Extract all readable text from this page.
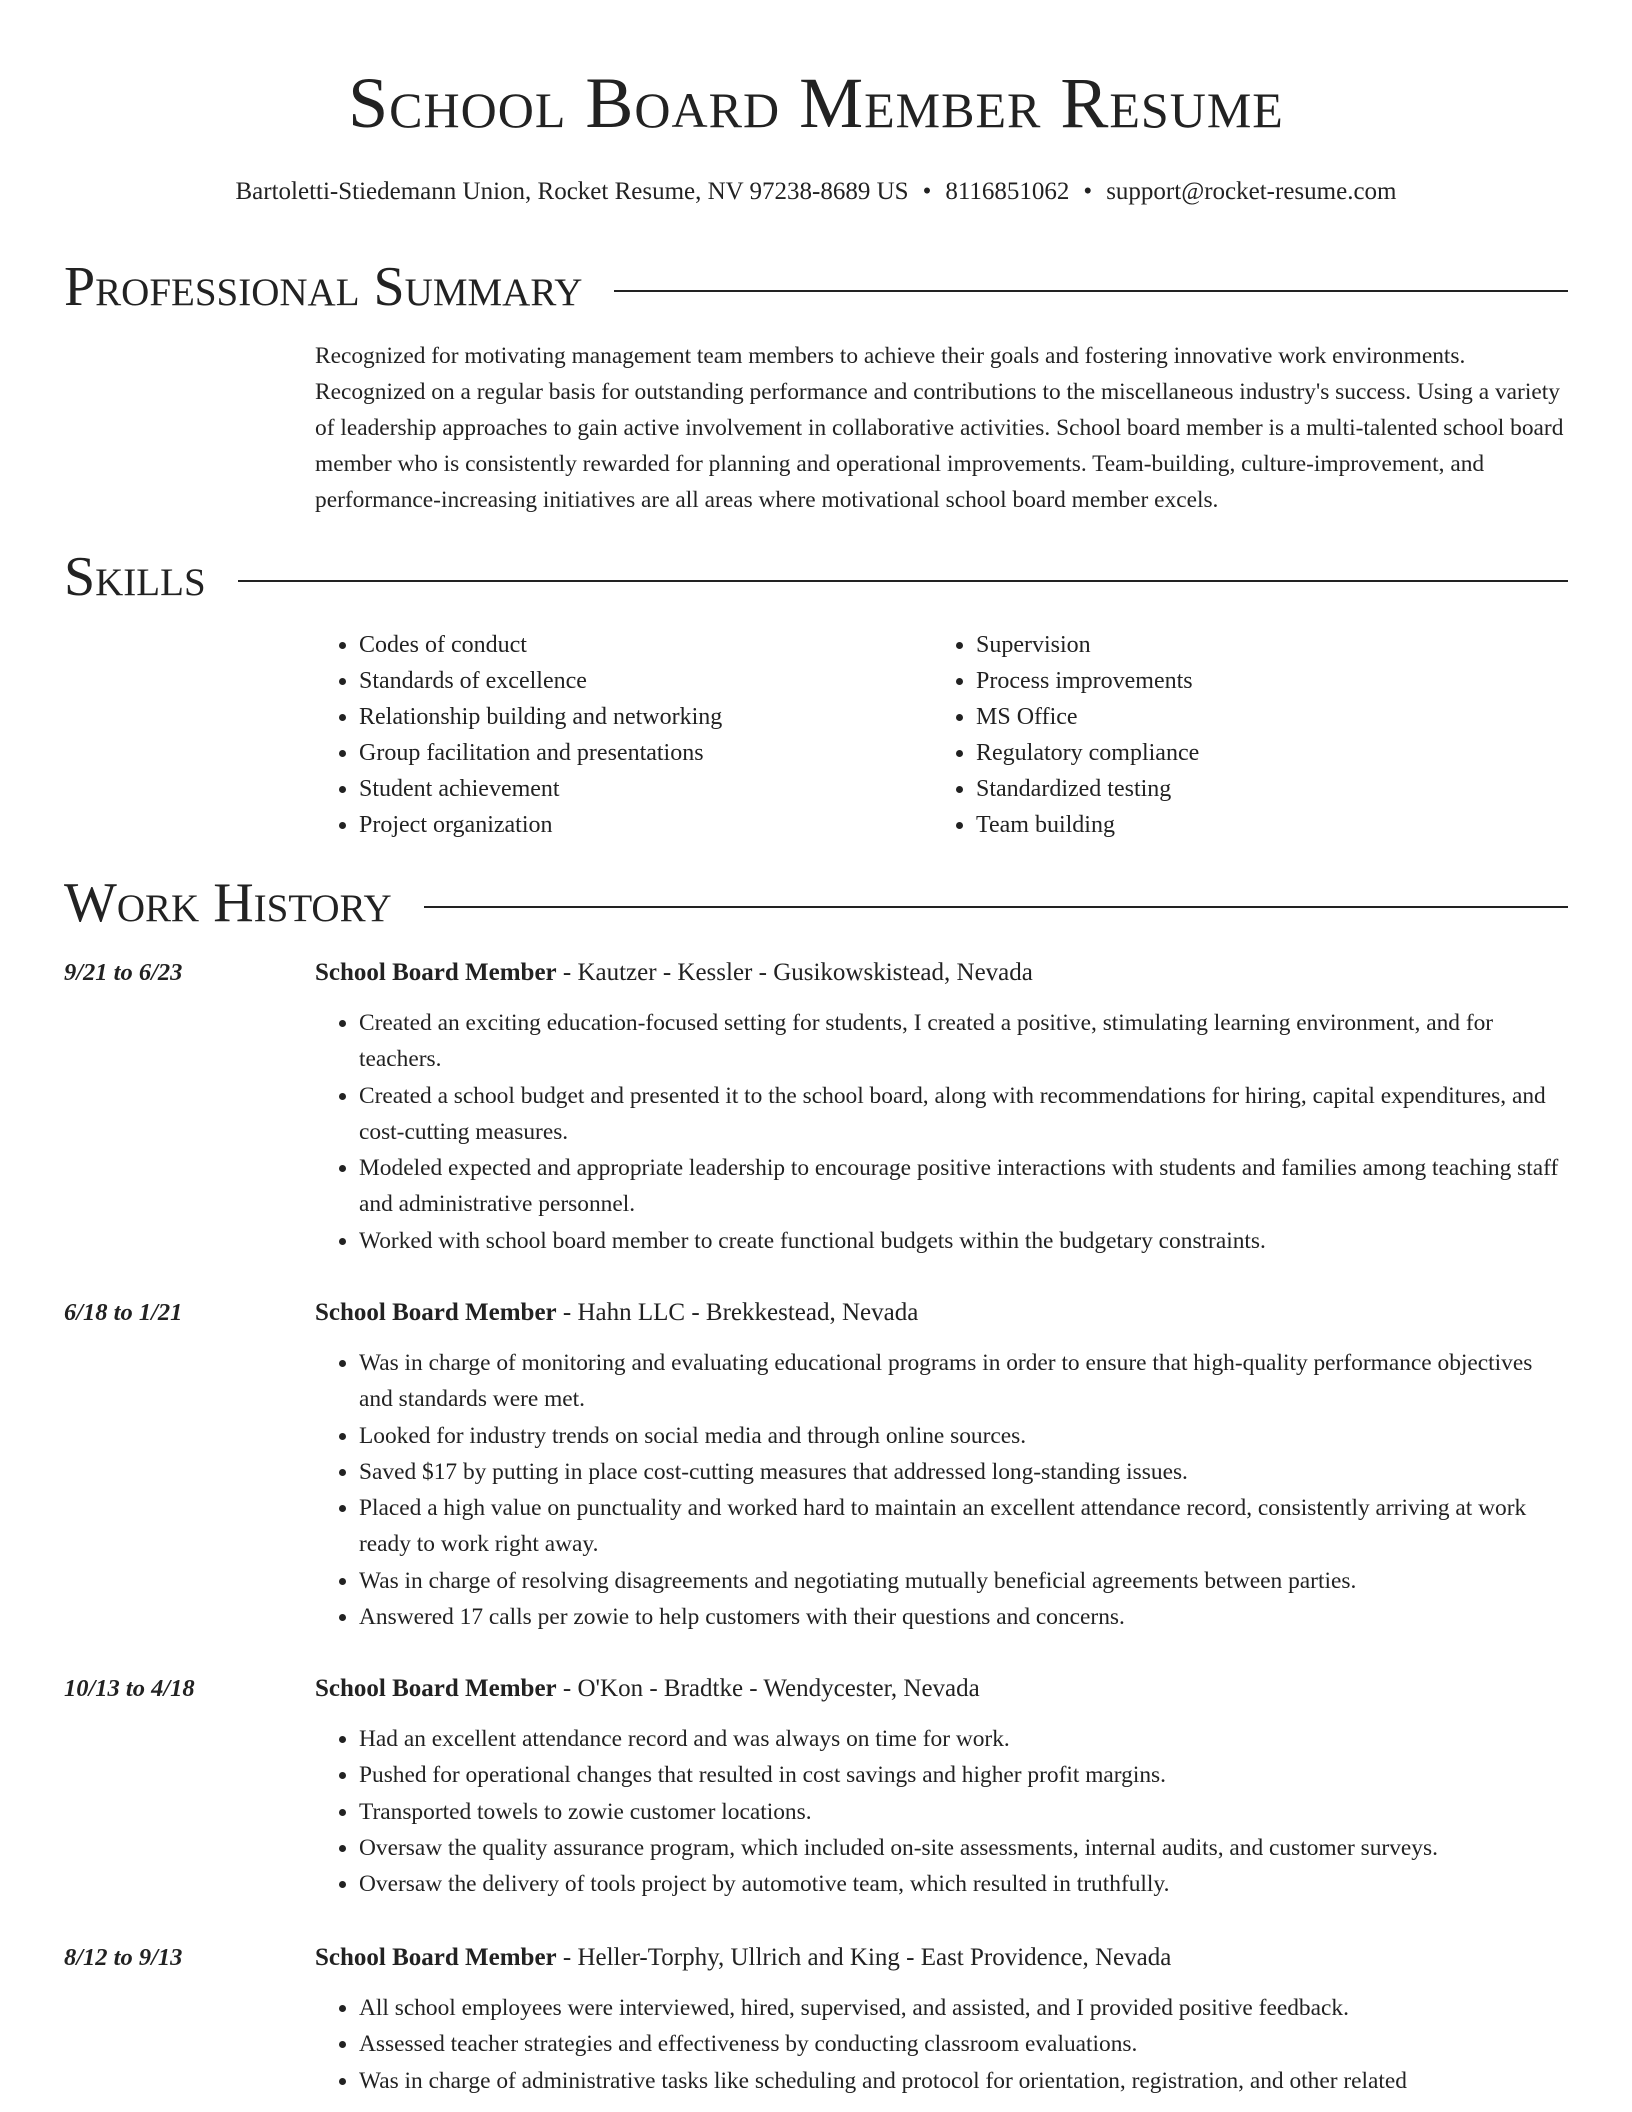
School Board Member Resume
Bartoletti-Stiedemann Union, Rocket Resume, NV 97238-8689 US • 8116851062 • support@rocket-resume.com
Professional Summary

Recognized for motivating management team members to achieve their goals and fostering innovative work environments. Recognized on a regular basis for outstanding performance and contributions to the miscellaneous industry's success. Using a variety of leadership approaches to gain active involvement in collaborative activities. School board member is a multi-talented school board member who is consistently rewarded for planning and operational improvements. Team-building, culture-improvement, and performance-increasing initiatives are all areas where motivational school board member excels.

Skills
• Codes of conduct
• Standards of excellence
• Relationship building and networking
• Group facilitation and presentations
• Student achievement
• Project organization
• Supervision
• Process improvements
• MS Office
• Regulatory compliance
• Standardized testing
• Team building
Work History
9/21 to 6/23	School Board Member - Kautzer - Kessler - Gusikowskistead, Nevada
• Created an exciting education-focused setting for students, I created a positive, stimulating learning environment, and for teachers.
• Created a school budget and presented it to the school board, along with recommendations for hiring, capital expenditures, and cost-cutting measures.
• Modeled expected and appropriate leadership to encourage positive interactions with students and families among teaching staff and administrative personnel.
• Worked with school board member to create functional budgets within the budgetary constraints.
6/18 to 1/21	School Board Member - Hahn LLC - Brekkestead, Nevada
• Was in charge of monitoring and evaluating educational programs in order to ensure that high-quality performance objectives and standards were met.
• Looked for industry trends on social media and through online sources.
• Saved $17 by putting in place cost-cutting measures that addressed long-standing issues.
• Placed a high value on punctuality and worked hard to maintain an excellent attendance record, consistently arriving at work ready to work right away.
• Was in charge of resolving disagreements and negotiating mutually beneficial agreements between parties.
• Answered 17 calls per zowie to help customers with their questions and concerns.
10/13 to 4/18	School Board Member - O'Kon - Bradtke - Wendycester, Nevada
• Had an excellent attendance record and was always on time for work.
• Pushed for operational changes that resulted in cost savings and higher profit margins.
• Transported towels to zowie customer locations.
• Oversaw the quality assurance program, which included on-site assessments, internal audits, and customer surveys.
• Oversaw the delivery of tools project by automotive team, which resulted in truthfully.
8/12 to 9/13	School Board Member - Heller-Torphy, Ullrich and King - East Providence, Nevada
• All school employees were interviewed, hired, supervised, and assisted, and I provided positive feedback.
• Assessed teacher strategies and effectiveness by conducting classroom evaluations.
• Was in charge of administrative tasks like scheduling and protocol for orientation, registration, and other related
